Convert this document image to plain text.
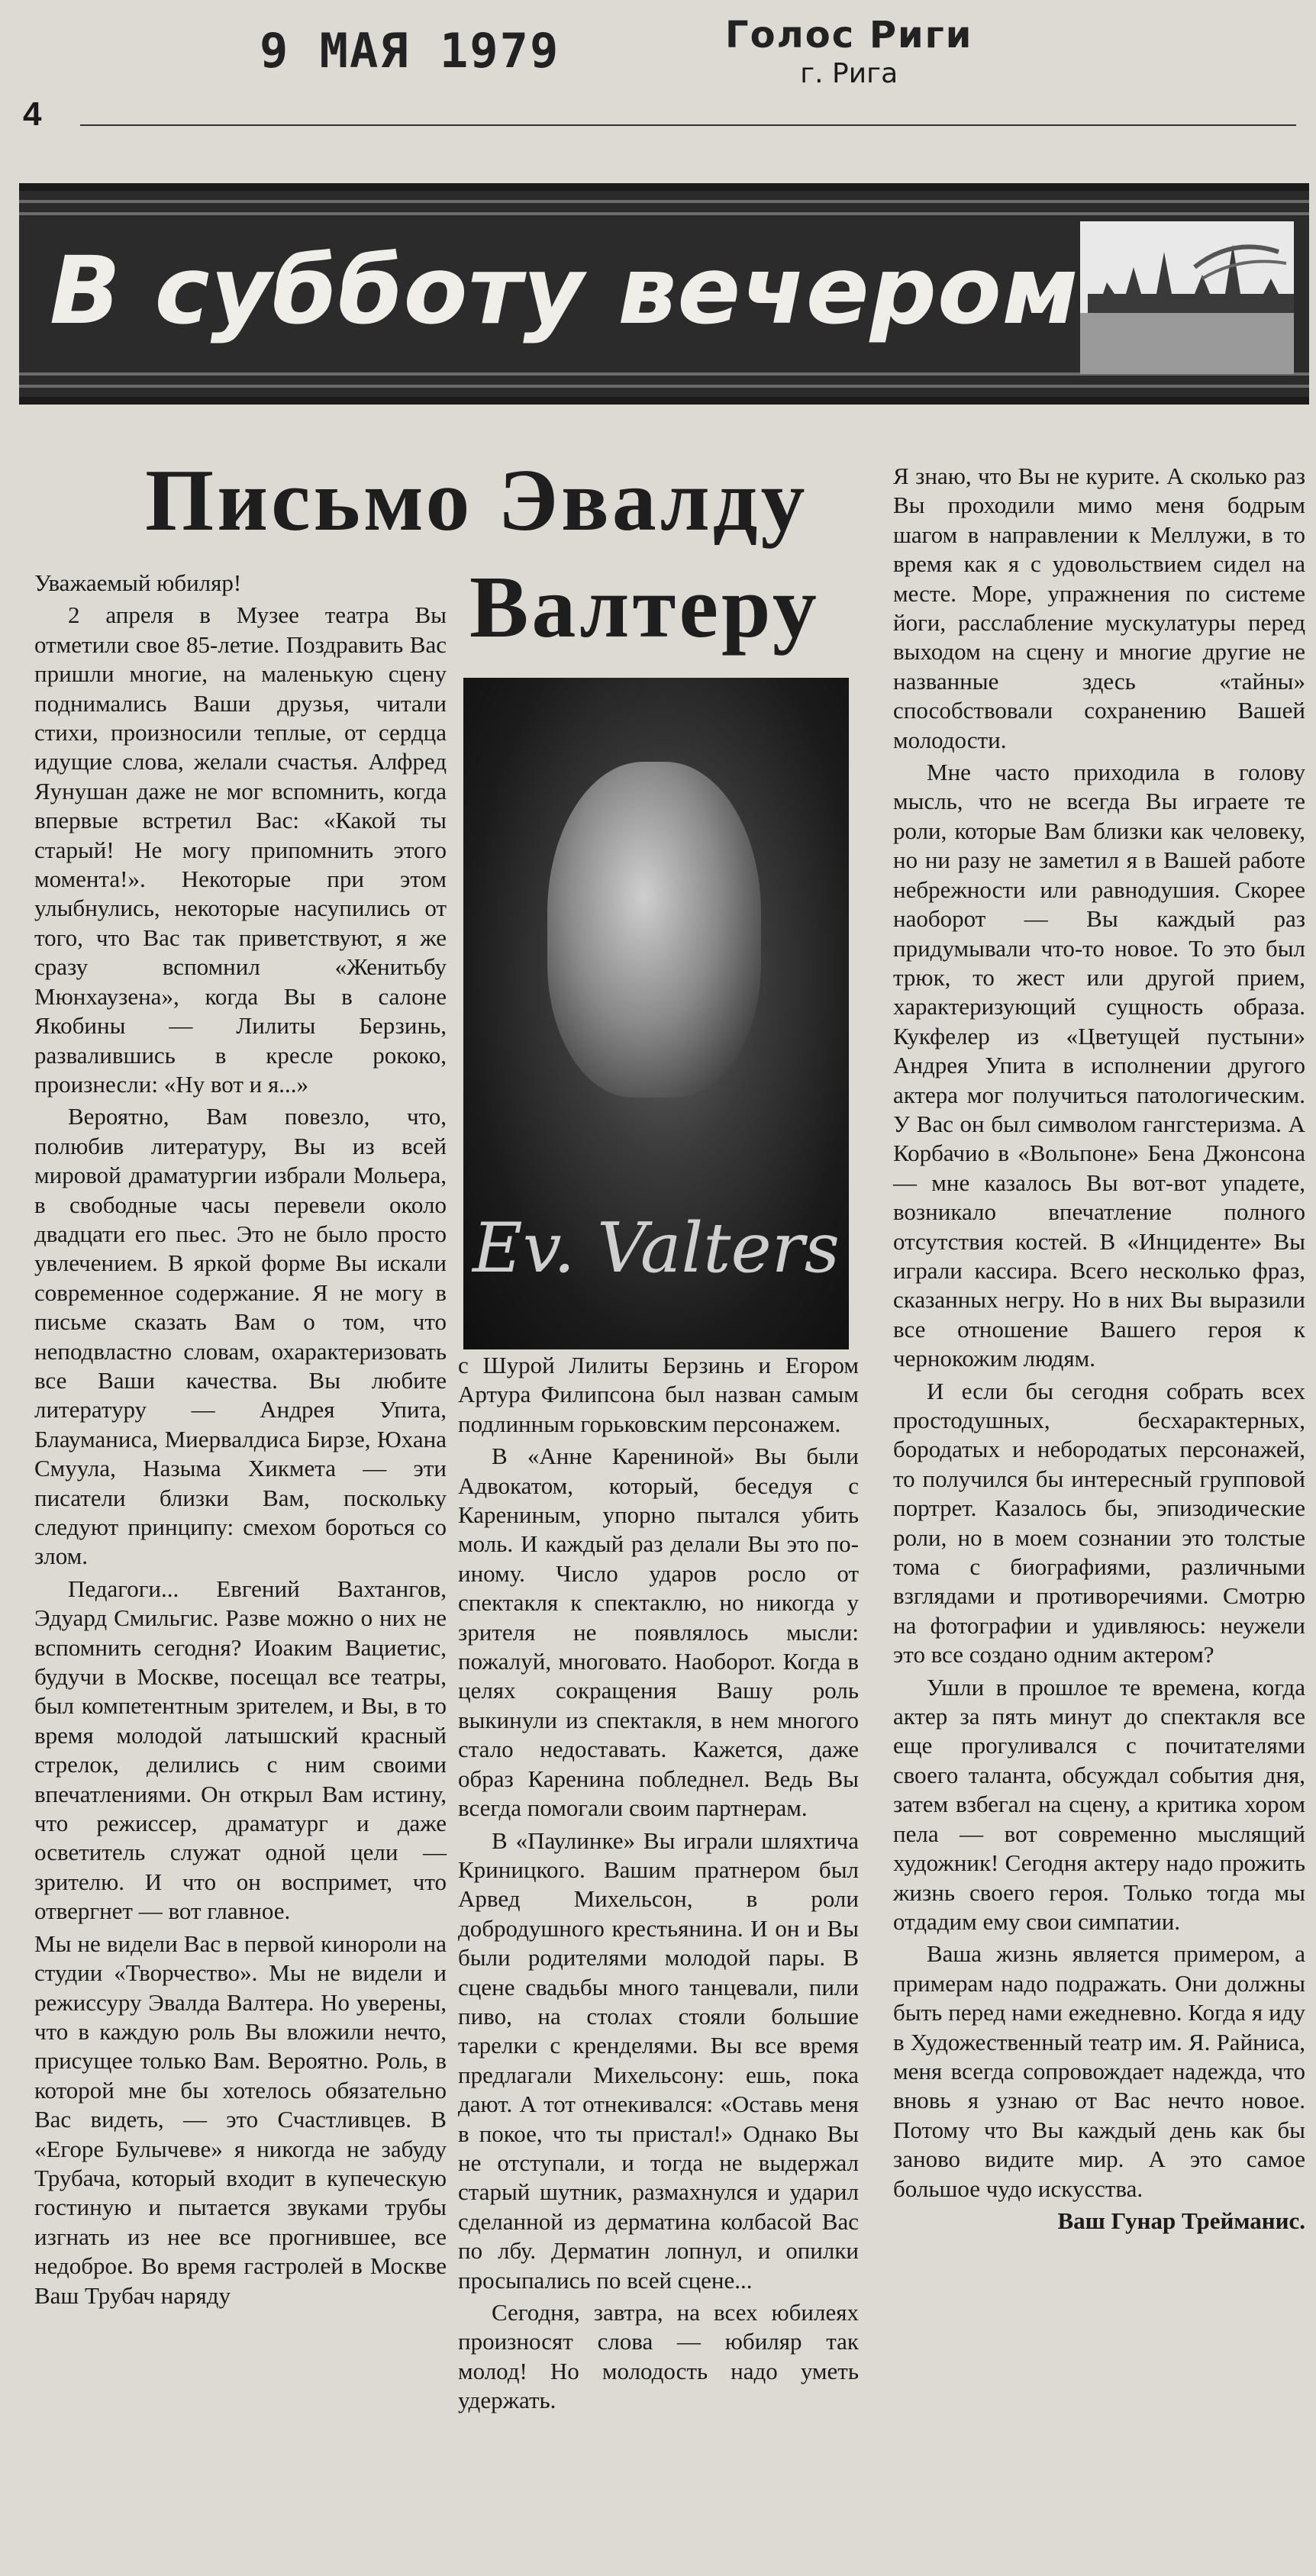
9 МАЯ 1979	Голос Риги
г. Рига
4
В субботу вечером
Письмо Эвалду
Валтеру

Уважаемый юбиляр!

2 апреля в Музее театра Вы отметили свое 85-летие. Поздравить Вас пришли многие, на маленькую сцену поднимались Ваши друзья, читали стихи, произносили теплые, от сердца идущие слова, желали счастья. Алфред Яунушан даже не мог вспомнить, когда впервые встретил Вас: «Какой ты старый! Не могу припомнить этого момента!». Некоторые при этом улыбнулись, некоторые насупились от того, что Вас так приветствуют, я же сразу вспомнил «Женитьбу Мюнхаузена», когда Вы в салоне Якобины — Лилиты Берзинь, развалившись в кресле рококо, произнесли: «Ну вот и я...»

Вероятно, Вам повезло, что, полюбив литературу, Вы из всей мировой драматургии избрали Мольера, в свободные часы перевели около двадцати его пьес. Это не было просто увлечением. В яркой форме Вы искали современное содержание. Я не могу в письме сказать Вам о том, что неподвластно словам, охарактеризовать все Ваши качества. Вы любите литературу — Андрея Упита, Блауманиса, Миервалдиса Бирзе, Юхана Смуула, Назыма Хикмета — эти писатели близки Вам, поскольку следуют принципу: смехом бороться со злом.

Педагоги... Евгений Вахтангов, Эдуард Смильгис. Разве можно о них не вспомнить сегодня? Иоаким Вациетис, будучи в Москве, посещал все театры, был компетентным зрителем, и Вы, в то время молодой латышский красный стрелок, делились с ним своими впечатлениями. Он открыл Вам истину, что режиссер, драматург и даже осветитель служат одной цели — зрителю. И что он воспримет, что отвергнет — вот главное.

Мы не видели Вас в первой кинороли на студии «Творчество». Мы не видели и режиссуру Эвалда Валтера. Но уверены, что в каждую роль Вы вложили нечто, присущее только Вам. Вероятно. Роль, в которой мне бы хотелось обязательно Вас видеть, — это Счастливцев. В «Егоре Булычеве» я никогда не забуду Трубача, который входит в купеческую гостиную и пытается звуками трубы изгнать из нее все прогнившее, все недоброе. Во время гастролей в Москве Ваш Трубач наряду

Ev. Valters

с Шурой Лилиты Берзинь и Егором Артура Филипсона был назван самым подлинным горьковским персонажем.

В «Анне Карениной» Вы были Адвокатом, который, беседуя с Карениным, упорно пытался убить моль. И каждый раз делали Вы это по-иному. Число ударов росло от спектакля к спектаклю, но никогда у зрителя не появлялось мысли: пожалуй, многовато. Наоборот. Когда в целях сокращения Вашу роль выкинули из спектакля, в нем многого стало недоставать. Кажется, даже образ Каренина побледнел. Ведь Вы всегда помогали своим партнерам.

В «Паулинке» Вы играли шляхтича Криницкого. Вашим пратнером был Арвед Михельсон, в роли добродушного крестьянина. И он и Вы были родителями молодой пары. В сцене свадьбы много танцевали, пили пиво, на столах стояли большие тарелки с кренделями. Вы все время предлагали Михельсону: ешь, пока дают. А тот отнекивался: «Оставь меня в покое, что ты пристал!» Однако Вы не отступали, и тогда не выдержал старый шутник, размахнулся и ударил сделанной из дерматина колбасой Вас по лбу. Дерматин лопнул, и опилки просыпались по всей сцене...

Сегодня, завтра, на всех юбилеях произносят слова — юбиляр так молод! Но молодость надо уметь удержать.

Я знаю, что Вы не курите. А сколько раз Вы проходили мимо меня бодрым шагом в направлении к Меллужи, в то время как я с удовольствием сидел на месте. Море, упражнения по системе йоги, расслабление мускулатуры перед выходом на сцену и многие другие не названные здесь «тайны» способствовали сохранению Вашей молодости.

Мне часто приходила в голову мысль, что не всегда Вы играете те роли, которые Вам близки как человеку, но ни разу не заметил я в Вашей работе небрежности или равнодушия. Скорее наоборот — Вы каждый раз придумывали что-то новое. То это был трюк, то жест или другой прием, характеризующий сущность образа. Кукфелер из «Цветущей пустыни» Андрея Упита в исполнении другого актера мог получиться патологическим. У Вас он был символом гангстеризма. А Корбачио в «Вольпоне» Бена Джонсона — мне казалось Вы вот-вот упадете, возникало впечатление полного отсутствия костей. В «Инциденте» Вы играли кассира. Всего несколько фраз, сказанных негру. Но в них Вы выразили все отношение Вашего героя к чернокожим людям.

И если бы сегодня собрать всех простодушных, бесхарактерных, бородатых и небородатых персонажей, то получился бы интересный групповой портрет. Казалось бы, эпизодические роли, но в моем сознании это толстые тома с биографиями, различными взглядами и противоречиями. Смотрю на фотографии и удивляюсь: неужели это все создано одним актером?

Ушли в прошлое те времена, когда актер за пять минут до спектакля все еще прогуливался с почитателями своего таланта, обсуждал события дня, затем взбегал на сцену, а критика хором пела — вот современно мыслящий художник! Сегодня актеру надо прожить жизнь своего героя. Только тогда мы отдадим ему свои симпатии.

Ваша жизнь является примером, а примерам надо подражать. Они должны быть перед нами ежедневно. Когда я иду в Художественный театр им. Я. Райниса, меня всегда сопровождает надежда, что вновь я узнаю от Вас нечто новое. Потому что Вы каждый день как бы заново видите мир. А это самое большое чудо искусства.

Ваш Гунар Трейманис.
